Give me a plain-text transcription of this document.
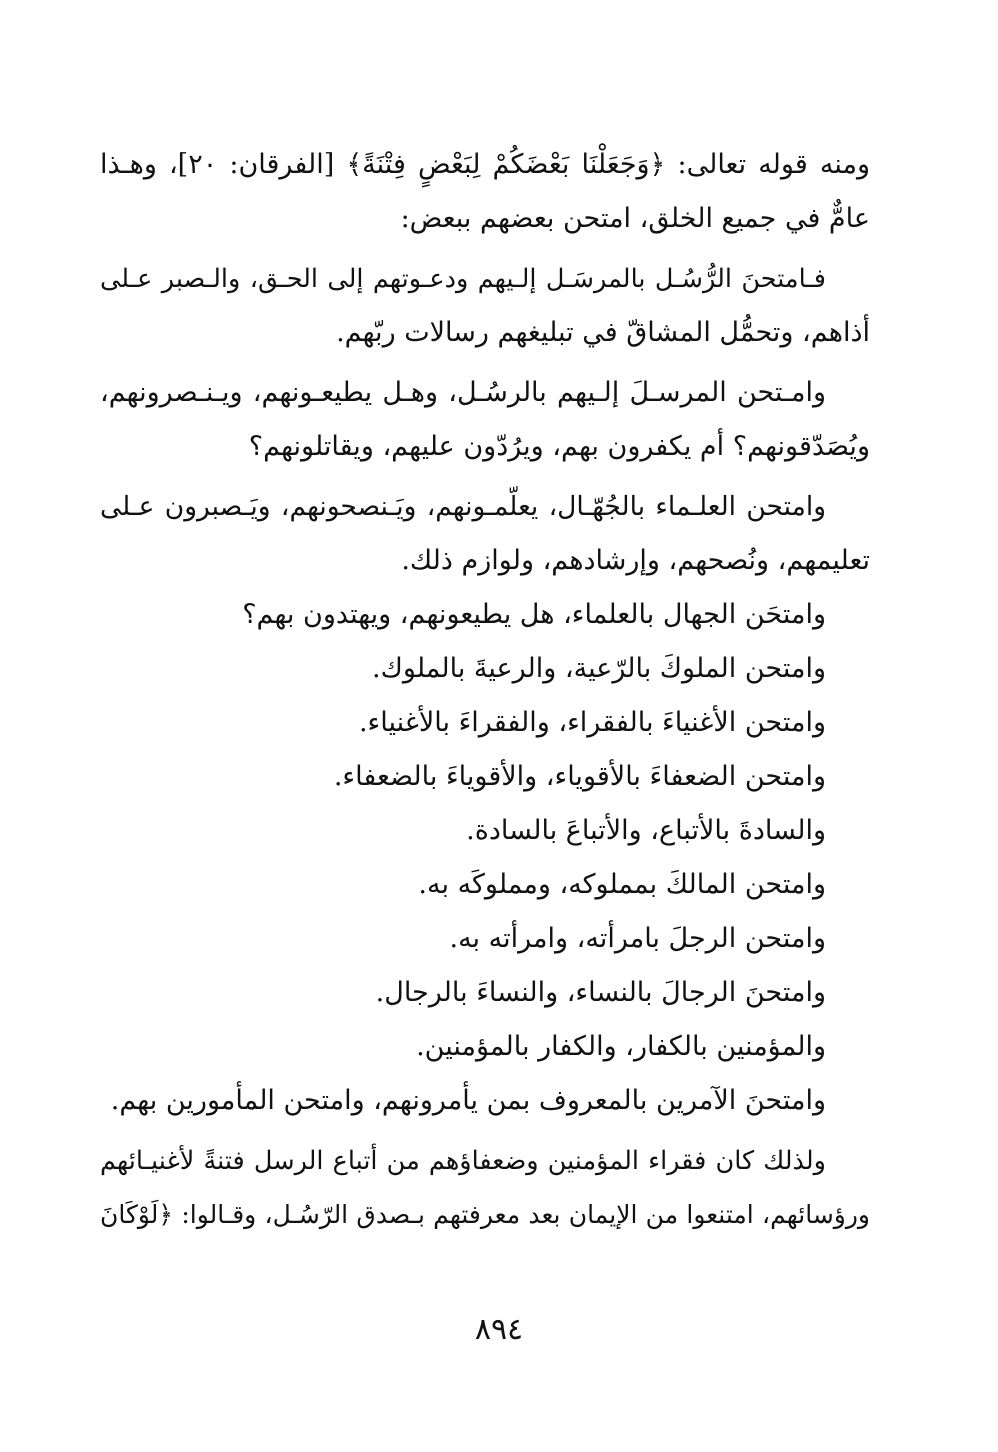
ومنه قوله تعالى: ﴿وَجَعَلْنَا بَعْضَكُمْ لِبَعْضٍ فِتْنَةً﴾ [الفرقان: ٢٠]، وهـذا

عامٌّ في جميع الخلق، امتحن بعضهم ببعض:

فـامتحنَ الرُّسُـل بالمرسَـل إلـيهم ودعـوتهم إلى الحـق، والـصبر عـلى

أذاهم، وتحمُّل المشاقّ في تبليغهم رسالات ربّهم.

وامـتحن المرسـلَ إلـيهم بالرسُـل، وهـل يطيعـونهم، ويـنـصرونهم،

ويُصَدّقونهم؟ أم يكفرون بهم، ويرُدّون عليهم، ويقاتلونهم؟

وامتحن العلـماء بالجُهّـال، يعلّمـونهم، ويَـنصحونهم، ويَـصبرون عـلى

تعليمهم، ونُصحهم، وإرشادهم، ولوازم ذلك.

وامتحَن الجهال بالعلماء، هل يطيعونهم، ويهتدون بهم؟

وامتحن الملوكَ بالرّعية، والرعيةَ بالملوك.

وامتحن الأغنياءَ بالفقراء، والفقراءَ بالأغنياء.

وامتحن الضعفاءَ بالأقوياء، والأقوياءَ بالضعفاء.

والسادةَ بالأتباع، والأتباعَ بالسادة.

وامتحن المالكَ بمملوكه، ومملوكَه به.

وامتحن الرجلَ بامرأته، وامرأته به.

وامتحنَ الرجالَ بالنساء، والنساءَ بالرجال.

والمؤمنين بالكفار، والكفار بالمؤمنين.

وامتحنَ الآمرين بالمعروف بمن يأمرونهم، وامتحن المأمورين بهم.

ولذلك كان فقراء المؤمنين وضعفاؤهم من أتباع الرسل فتنةً لأغنيـائهم

ورؤسائهم، امتنعوا من الإيمان بعد معرفتهم بـصدق الرّسُـل، وقـالوا: ﴿لَوْكَانَ

٨٩٤
